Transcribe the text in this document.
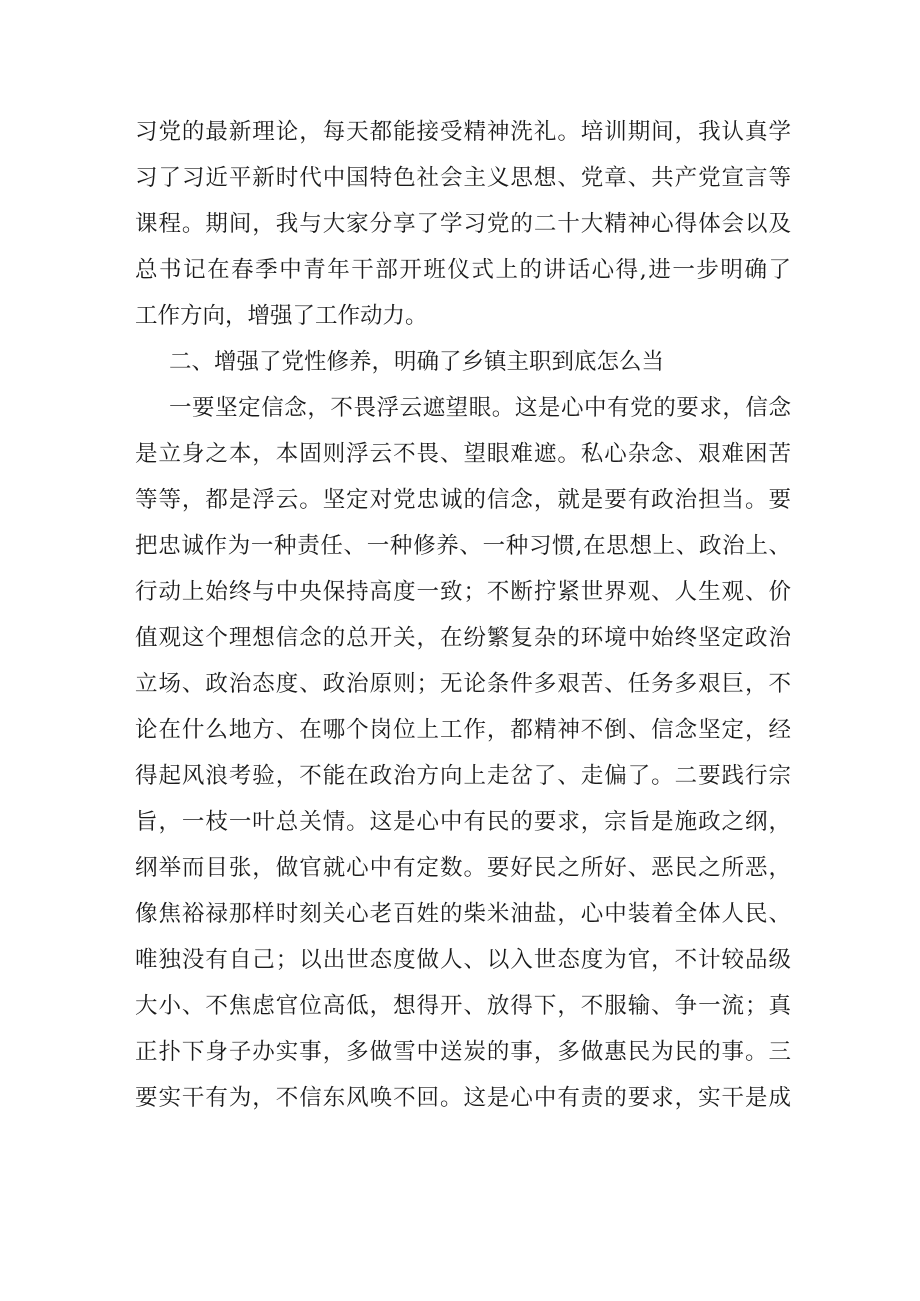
习党的最新理论，每天都能接受精神洗礼。培训期间，我认真学
习了习近平新时代中国特色社会主义思想、党章、共产党宣言等
课程。期间，我与大家分享了学习党的二十大精神心得体会以及
总书记在春季中青年干部开班仪式上的讲话心得,进一步明确了
工作方向，增强了工作动力。
二、增强了党性修养，明确了乡镇主职到底怎么当
一要坚定信念，不畏浮云遮望眼。这是心中有党的要求，信念
是立身之本，本固则浮云不畏、望眼难遮。私心杂念、艰难困苦
等等，都是浮云。坚定对党忠诚的信念，就是要有政治担当。要
把忠诚作为一种责任、一种修养、一种习惯,在思想上、政治上、
行动上始终与中央保持高度一致；不断拧紧世界观、人生观、价
值观这个理想信念的总开关，在纷繁复杂的环境中始终坚定政治
立场、政治态度、政治原则；无论条件多艰苦、任务多艰巨，不
论在什么地方、在哪个岗位上工作，都精神不倒、信念坚定，经
得起风浪考验，不能在政治方向上走岔了、走偏了。二要践行宗
旨，一枝一叶总关情。这是心中有民的要求，宗旨是施政之纲，
纲举而目张，做官就心中有定数。要好民之所好、恶民之所恶，
像焦裕禄那样时刻关心老百姓的柴米油盐，心中装着全体人民、
唯独没有自己；以出世态度做人、以入世态度为官，不计较品级
大小、不焦虑官位高低，想得开、放得下，不服输、争一流；真
正扑下身子办实事，多做雪中送炭的事，多做惠民为民的事。三
要实干有为，不信东风唤不回。这是心中有责的要求，实干是成
